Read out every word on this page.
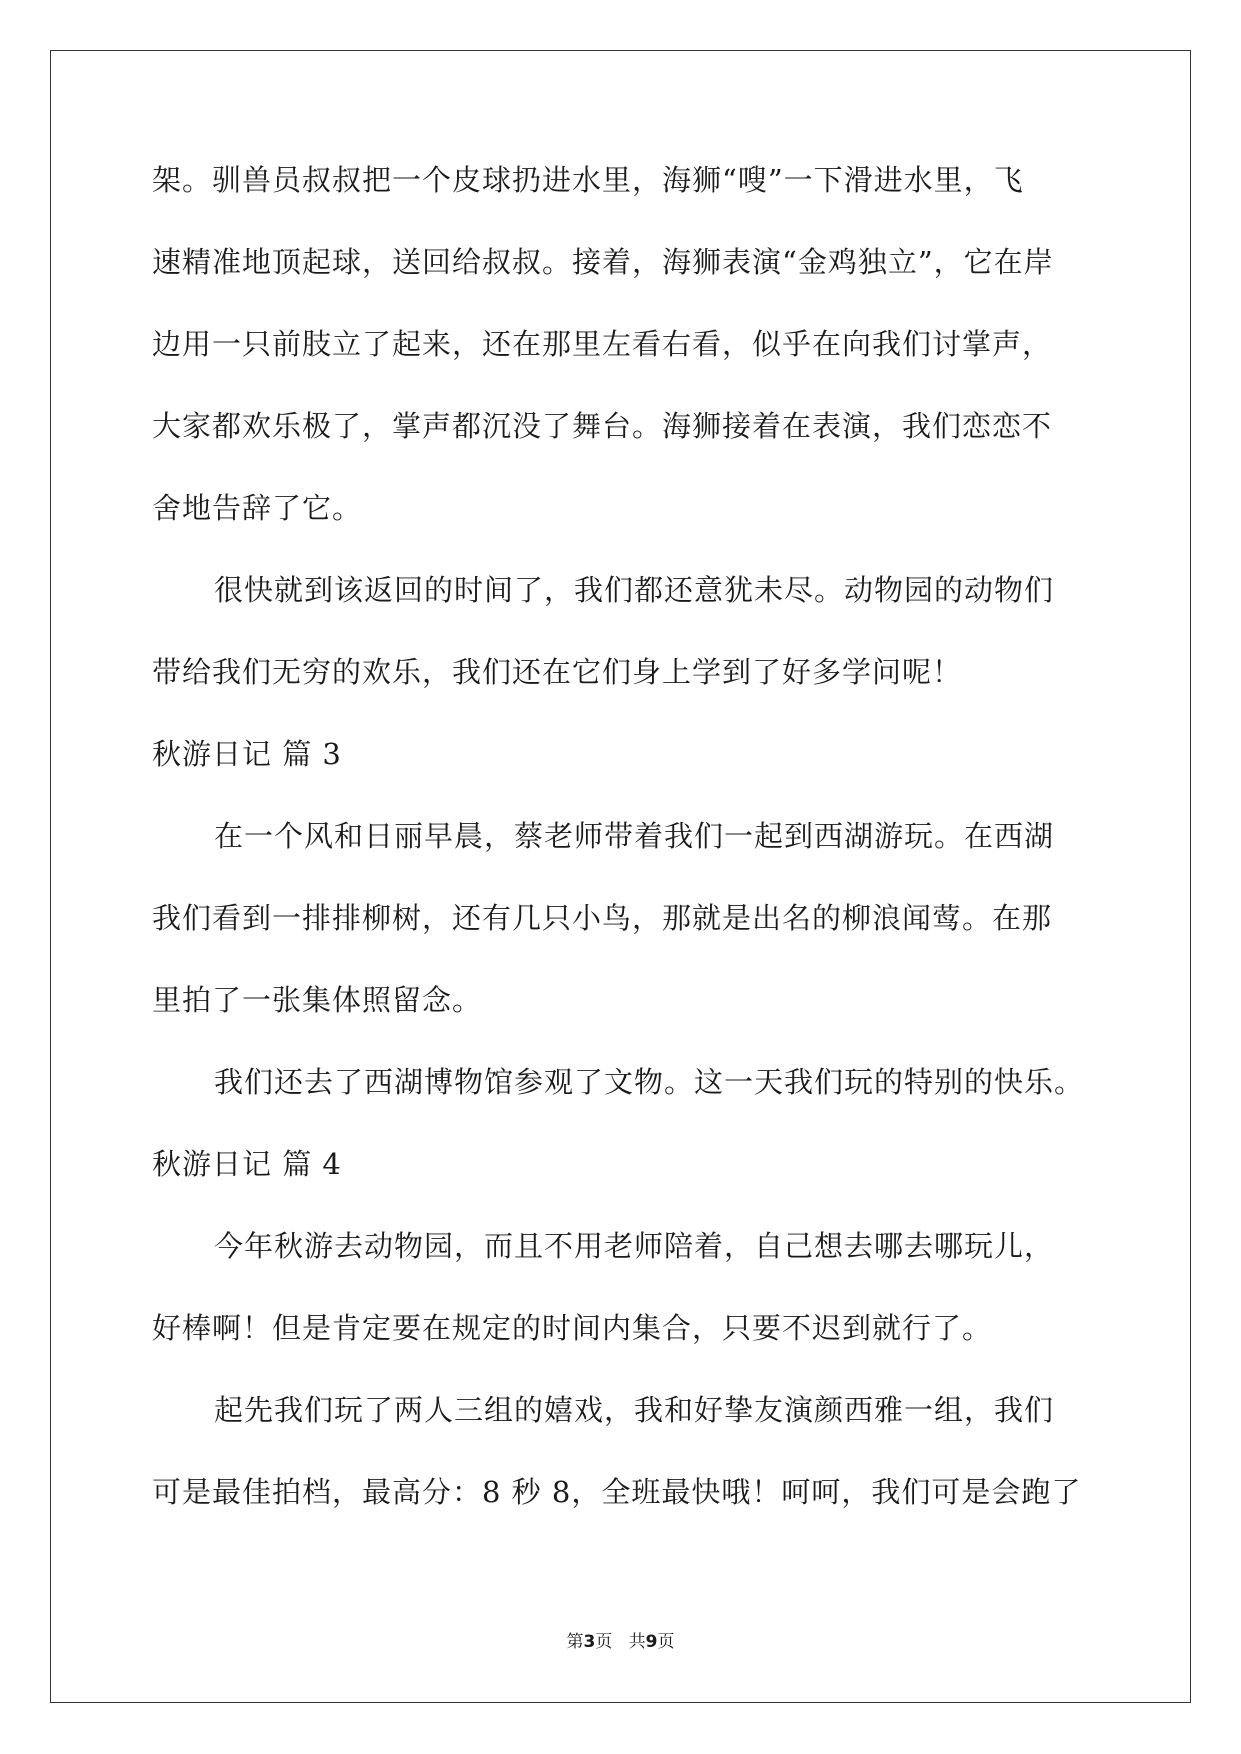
架。驯兽员叔叔把一个皮球扔进水里，海狮“嗖”一下滑进水里，飞
速精准地顶起球，送回给叔叔。接着，海狮表演“金鸡独立”，它在岸
边用一只前肢立了起来，还在那里左看右看，似乎在向我们讨掌声，
大家都欢乐极了，掌声都沉没了舞台。海狮接着在表演，我们恋恋不
舍地告辞了它。
很快就到该返回的时间了，我们都还意犹未尽。动物园的动物们
带给我们无穷的欢乐，我们还在它们身上学到了好多学问呢！
秋游日记 篇 3
在一个风和日丽早晨，蔡老师带着我们一起到西湖游玩。在西湖
我们看到一排排柳树，还有几只小鸟，那就是出名的柳浪闻莺。在那
里拍了一张集体照留念。
我们还去了西湖博物馆参观了文物。这一天我们玩的特别的快乐。
秋游日记 篇 4
今年秋游去动物园，而且不用老师陪着，自己想去哪去哪玩儿，
好棒啊！但是肯定要在规定的时间内集合，只要不迟到就行了。
起先我们玩了两人三组的嬉戏，我和好挚友演颜西雅一组，我们
可是最佳拍档，最高分：8 秒 8，全班最快哦！呵呵，我们可是会跑了
第3页   共9页
